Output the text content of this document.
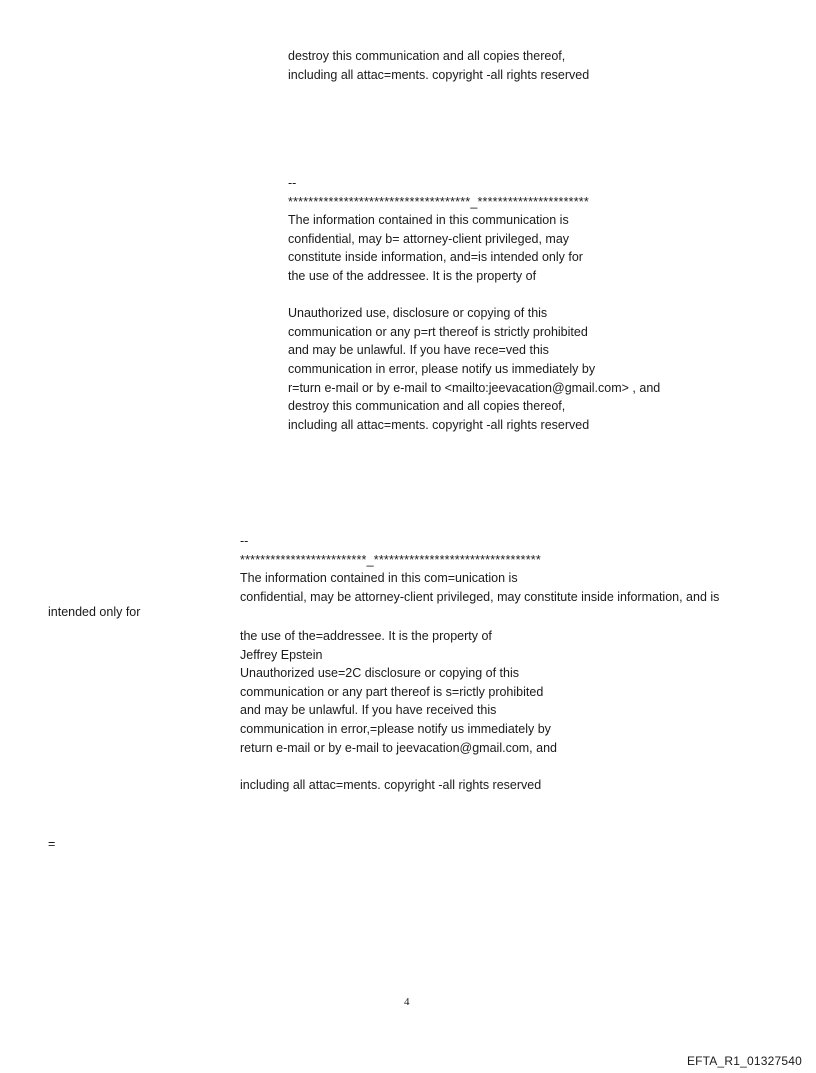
destroy this communication and all copies thereof,
including all attac=ments. copyright -all rights reserved
--
************************************_**********************
The information contained in this communication is
confidential, may b= attorney-client privileged, may
constitute inside information, and=is intended only for
the use of the addressee. It is the property of
Unauthorized use, disclosure or copying of this
communication or any p=rt thereof is strictly prohibited
and may be unlawful. If you have rece=ved this
communication in error, please notify us immediately by
r=turn e-mail or by e-mail to <mailto:jeevacation@gmail.com> , and
destroy this communication and all copies thereof,
including all attac=ments. copyright -all rights reserved
--
*************************_*********************************
The information contained in this com=unication is
confidential, may be attorney-client privileged, may constitute inside information, and is
intended only for
the use of the=addressee. It is the property of
Jeffrey Epstein
Unauthorized use=2C disclosure or copying of this
communication or any part thereof is s=rictly prohibited
and may be unlawful. If you have received this
communication in error,=please notify us immediately by
return e-mail or by e-mail to jeevacation@gmail.com, and
including all attac=ments. copyright -all rights reserved
=
4
EFTA_R1_01327540
